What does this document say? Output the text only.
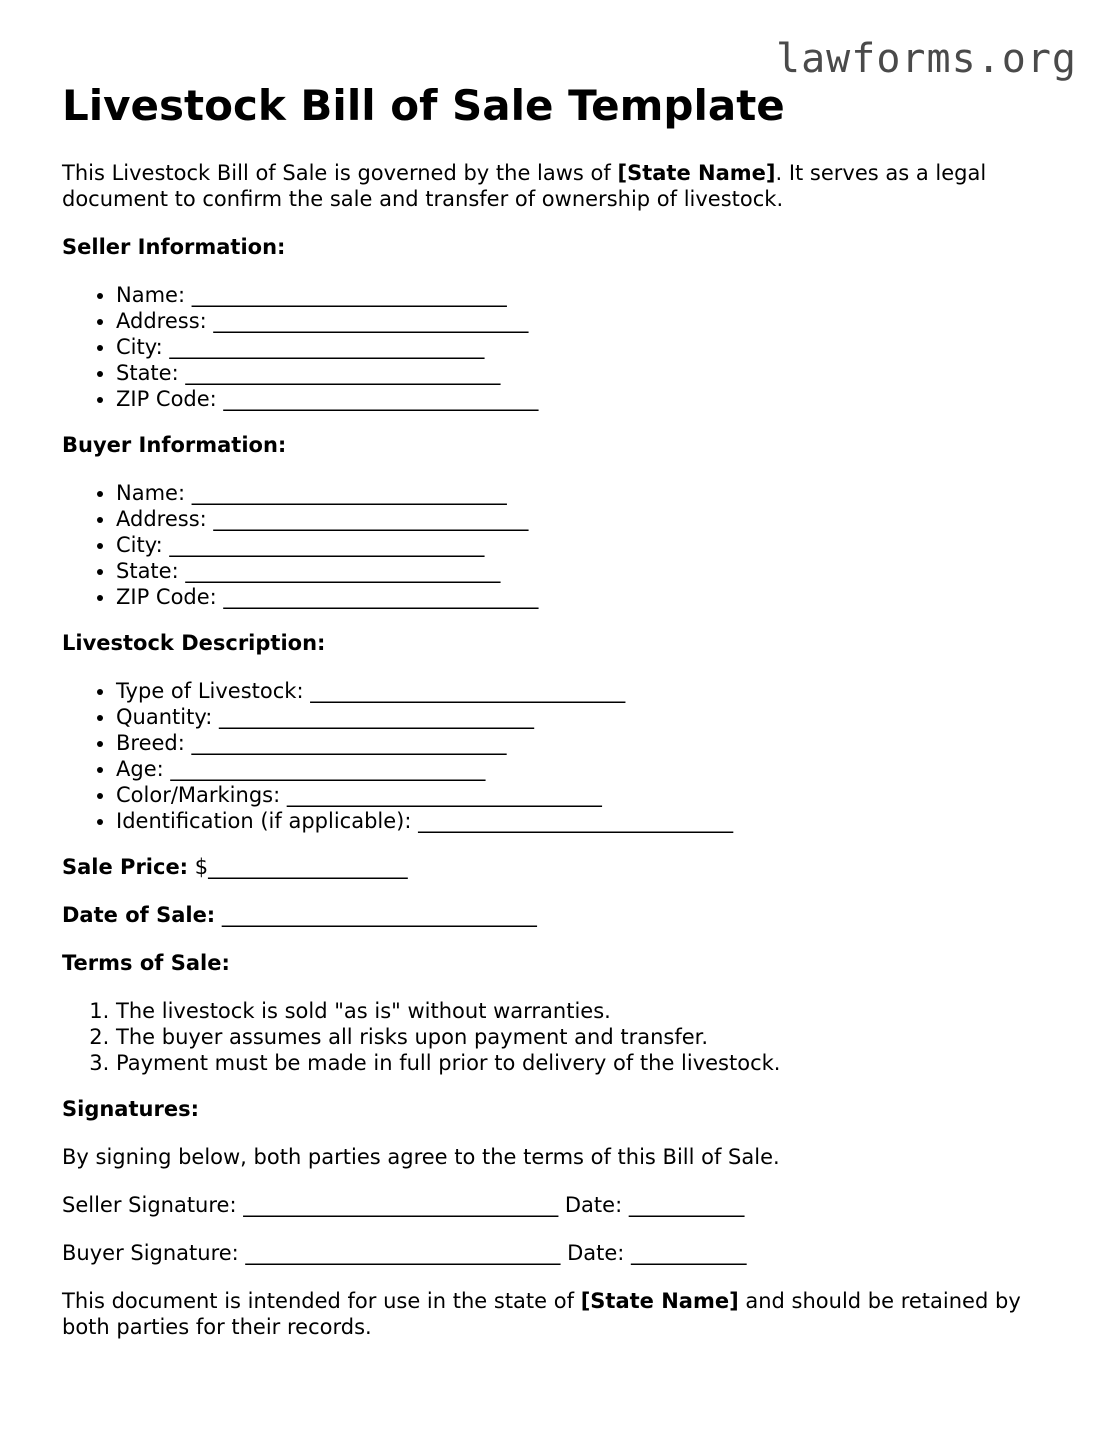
lawforms.org
Livestock Bill of Sale Template

This Livestock Bill of Sale is governed by the laws of [State Name]. It serves as a legal document to confirm the sale and transfer of ownership of livestock.

Seller Information:
• Name: ______________________________
• Address: ______________________________
• City: ______________________________
• State: ______________________________
• ZIP Code: ______________________________
Buyer Information:
• Name: ______________________________
• Address: ______________________________
• City: ______________________________
• State: ______________________________
• ZIP Code: ______________________________
Livestock Description:
• Type of Livestock: ______________________________
• Quantity: ______________________________
• Breed: ______________________________
• Age: ______________________________
• Color/Markings: ______________________________
• Identification (if applicable): ______________________________
Sale Price: $___________________
Date of Sale: ______________________________
Terms of Sale:
1. The livestock is sold "as is" without warranties.
2. The buyer assumes all risks upon payment and transfer.
3. Payment must be made in full prior to delivery of the livestock.
Signatures:

By signing below, both parties agree to the terms of this Bill of Sale.

Seller Signature: ______________________________ Date: ___________

Buyer Signature: ______________________________ Date: ___________

This document is intended for use in the state of [State Name] and should be retained by both parties for their records.
